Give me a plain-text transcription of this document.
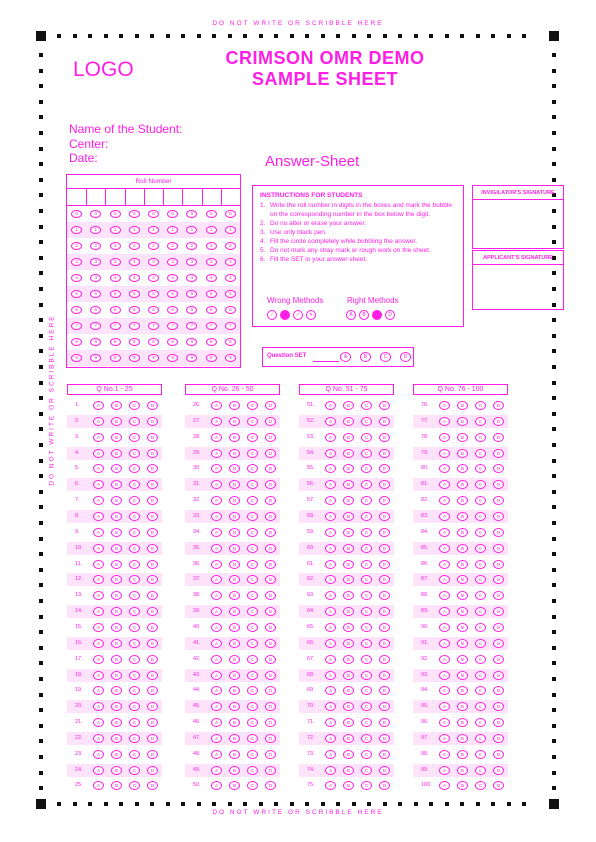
DO NOT WRITE OR SCRIBBLE HERE
DO NOT WRITE OR SCRIBBLE HERE
DO NOT WRITE OR SCRIBBLE HERE
LOGO	CRIMSON OMR DEMO
SAMPLE SHEET
Name of the Student:
Center:
Date:	Answer-Sheet
Roll Number
0	0	0	0	0	0	0	0	0
1	1	1	1	1	1	1	1	1
2	2	2	2	2	2	2	2	2
3	3	3	3	3	3	3	3	3
4	4	4	4	4	4	4	4	4
5	5	5	5	5	5	5	5	5
6	6	6	6	6	6	6	6	6
7	7	7	7	7	7	7	7	7
8	8	8	8	8	8	8	8	8
9	9	9	9	9	9	9	9	9
INSTRUCTIONS FOR STUDENTS
1. Write the roll number in digits in the boxes and mark the bubble on the corresponding number in the box below the digit.
2. Do no alter or erase your answer.
3. Use only black pen.
4. Fill the circle completely while bubbling the answer.
5. Do not mark any stray mark or rough work on the sheet.
6. Fill the SET in your answer sheet.
Wrong Methods	Right Methods
∕	✓	✕	A	B	D
INVIGILATOR'S SIGNATURE
APPLICANT'S SIGNATURE
Question SET	A	B	C	D
Q No.1 - 25
1.	A	B	C	D
2.	A	B	C	D
3.	A	B	C	D
4.	A	B	C	D
5.	A	B	C	D
6.	A	B	C	D
7.	A	B	C	D
8.	A	B	C	D
9.	A	B	C	D
10.	A	B	C	D
11.	A	B	C	D
12.	A	B	C	D
13.	A	B	C	D
14.	A	B	C	D
15.	A	B	C	D
16.	A	B	C	D
17.	A	B	C	D
18.	A	B	C	D
19.	A	B	C	D
20.	A	B	C	D
21.	A	B	C	D
22.	A	B	C	D
23.	A	B	C	D
24.	A	B	C	D
25.	A	B	C	D
Q No. 26 - 50
26.	A	B	C	D
27.	A	B	C	D
28.	A	B	C	D
29.	A	B	C	D
30.	A	B	C	D
31.	A	B	C	D
32.	A	B	C	D
33.	A	B	C	D
34.	A	B	C	D
35.	A	B	C	D
36.	A	B	C	D
37.	A	B	C	D
38.	A	B	C	D
39.	A	B	C	D
40.	A	B	C	D
41.	A	B	C	D
42.	A	B	C	D
43.	A	B	C	D
44.	A	B	C	D
45.	A	B	C	D
46.	A	B	C	D
47.	A	B	C	D
48.	A	B	C	D
49.	A	B	C	D
50.	A	B	C	D
Q No. 51 - 75
51.	A	B	C	D
52.	A	B	C	D
53.	A	B	C	D
54.	A	B	C	D
55.	A	B	C	D
56.	A	B	C	D
57.	A	B	C	D
58.	A	B	C	D
59.	A	B	C	D
60.	A	B	C	D
61.	A	B	C	D
62.	A	B	C	D
63.	A	B	C	D
64.	A	B	C	D
65.	A	B	C	D
66.	A	B	C	D
67.	A	B	C	D
68.	A	B	C	D
69.	A	B	C	D
70.	A	B	C	D
71.	A	B	C	D
72.	A	B	C	D
73.	A	B	C	D
74.	A	B	C	D
75.	A	B	C	D
Q No. 76 - 100
76.	A	B	C	D
77.	A	B	C	D
78.	A	B	C	D
79.	A	B	C	D
80.	A	B	C	D
81.	A	B	C	D
82.	A	B	C	D
83.	A	B	C	D
84.	A	B	C	D
85.	A	B	C	D
86.	A	B	C	D
87.	A	B	C	D
88.	A	B	C	D
89.	A	B	C	D
90.	A	B	C	D
91.	A	B	C	D
92.	A	B	C	D
93.	A	B	C	D
94.	A	B	C	D
95.	A	B	C	D
96.	A	B	C	D
97.	A	B	C	D
98.	A	B	C	D
99.	A	B	C	D
100.	A	B	C	D
